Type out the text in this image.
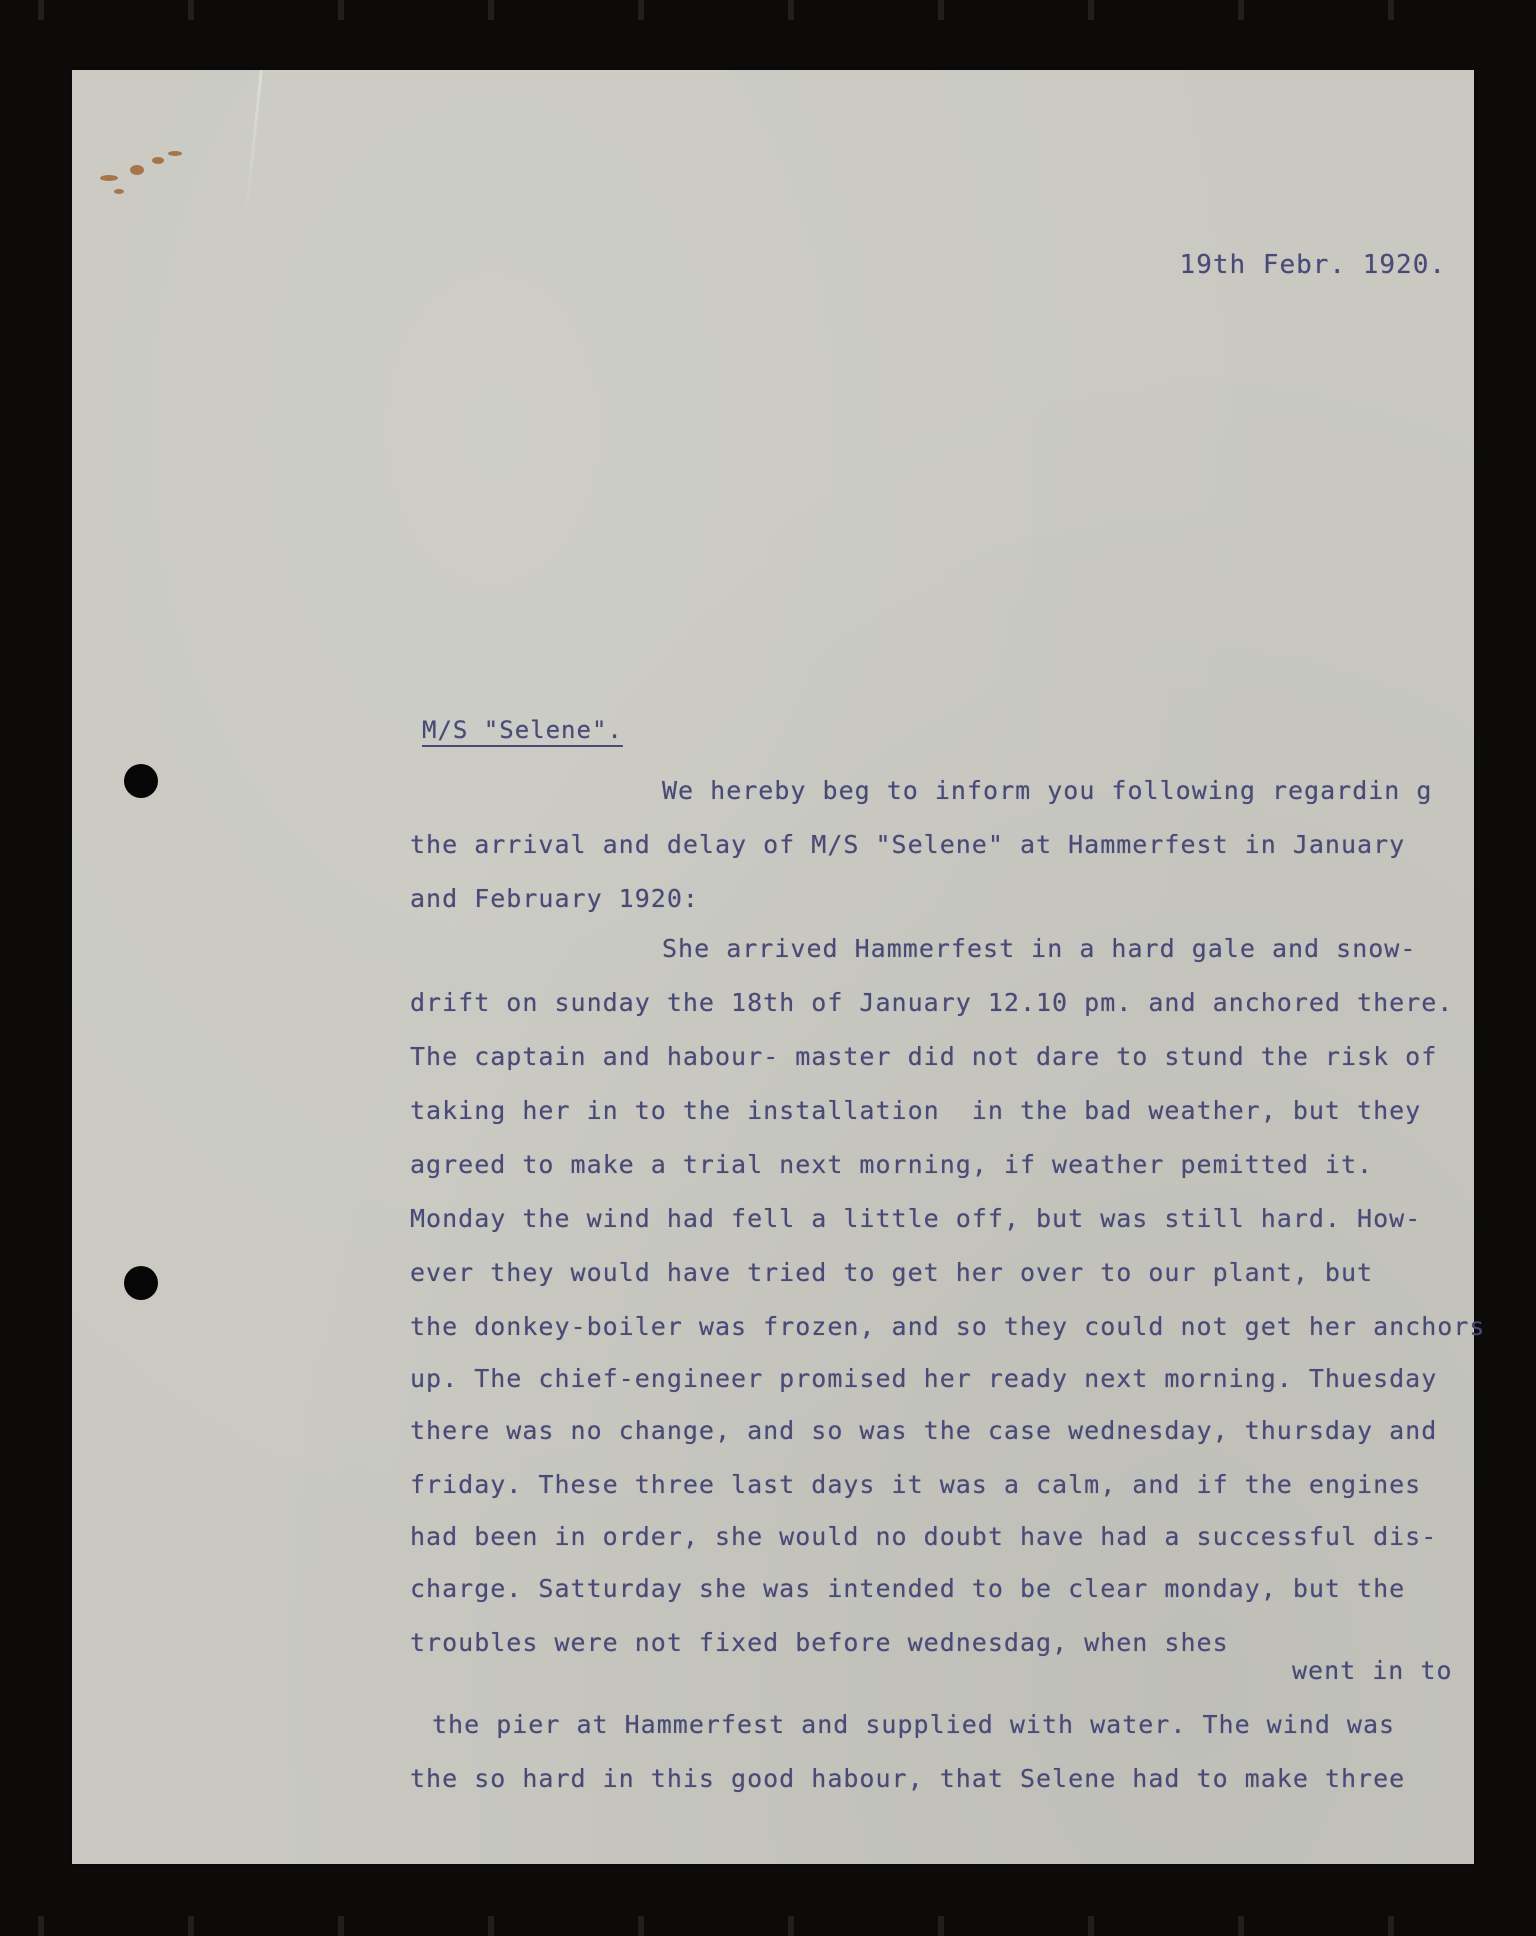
19th Febr. 1920.
M/S "Selene".
We hereby beg to inform you following regardin g
the arrival and delay of M/S "Selene" at Hammerfest in January
and February 1920:
She arrived Hammerfest in a hard gale and snow-
drift on sunday the 18th of January 12.10 pm. and anchored there.
The captain and habour- master did not dare to stund the risk of
taking her in to the installation  in the bad weather, but they
agreed to make a trial next morning, if weather pemitted it.
Monday the wind had fell a little off, but was still hard. How-
ever they would have tried to get her over to our plant, but
the donkey-boiler was frozen, and so they could not get her anchors
up. The chief-engineer promised her ready next morning. Thuesday
there was no change, and so was the case wednesday, thursday and
friday. These three last days it was a calm, and if the engines
had been in order, she would no doubt have had a successful dis-
charge. Satturday she was intended to be clear monday, but the
troubles were not fixed before wednesdag, when shes
went in to
the pier at Hammerfest and supplied with water. The wind was
the so hard in this good habour, that Selene had to make three
